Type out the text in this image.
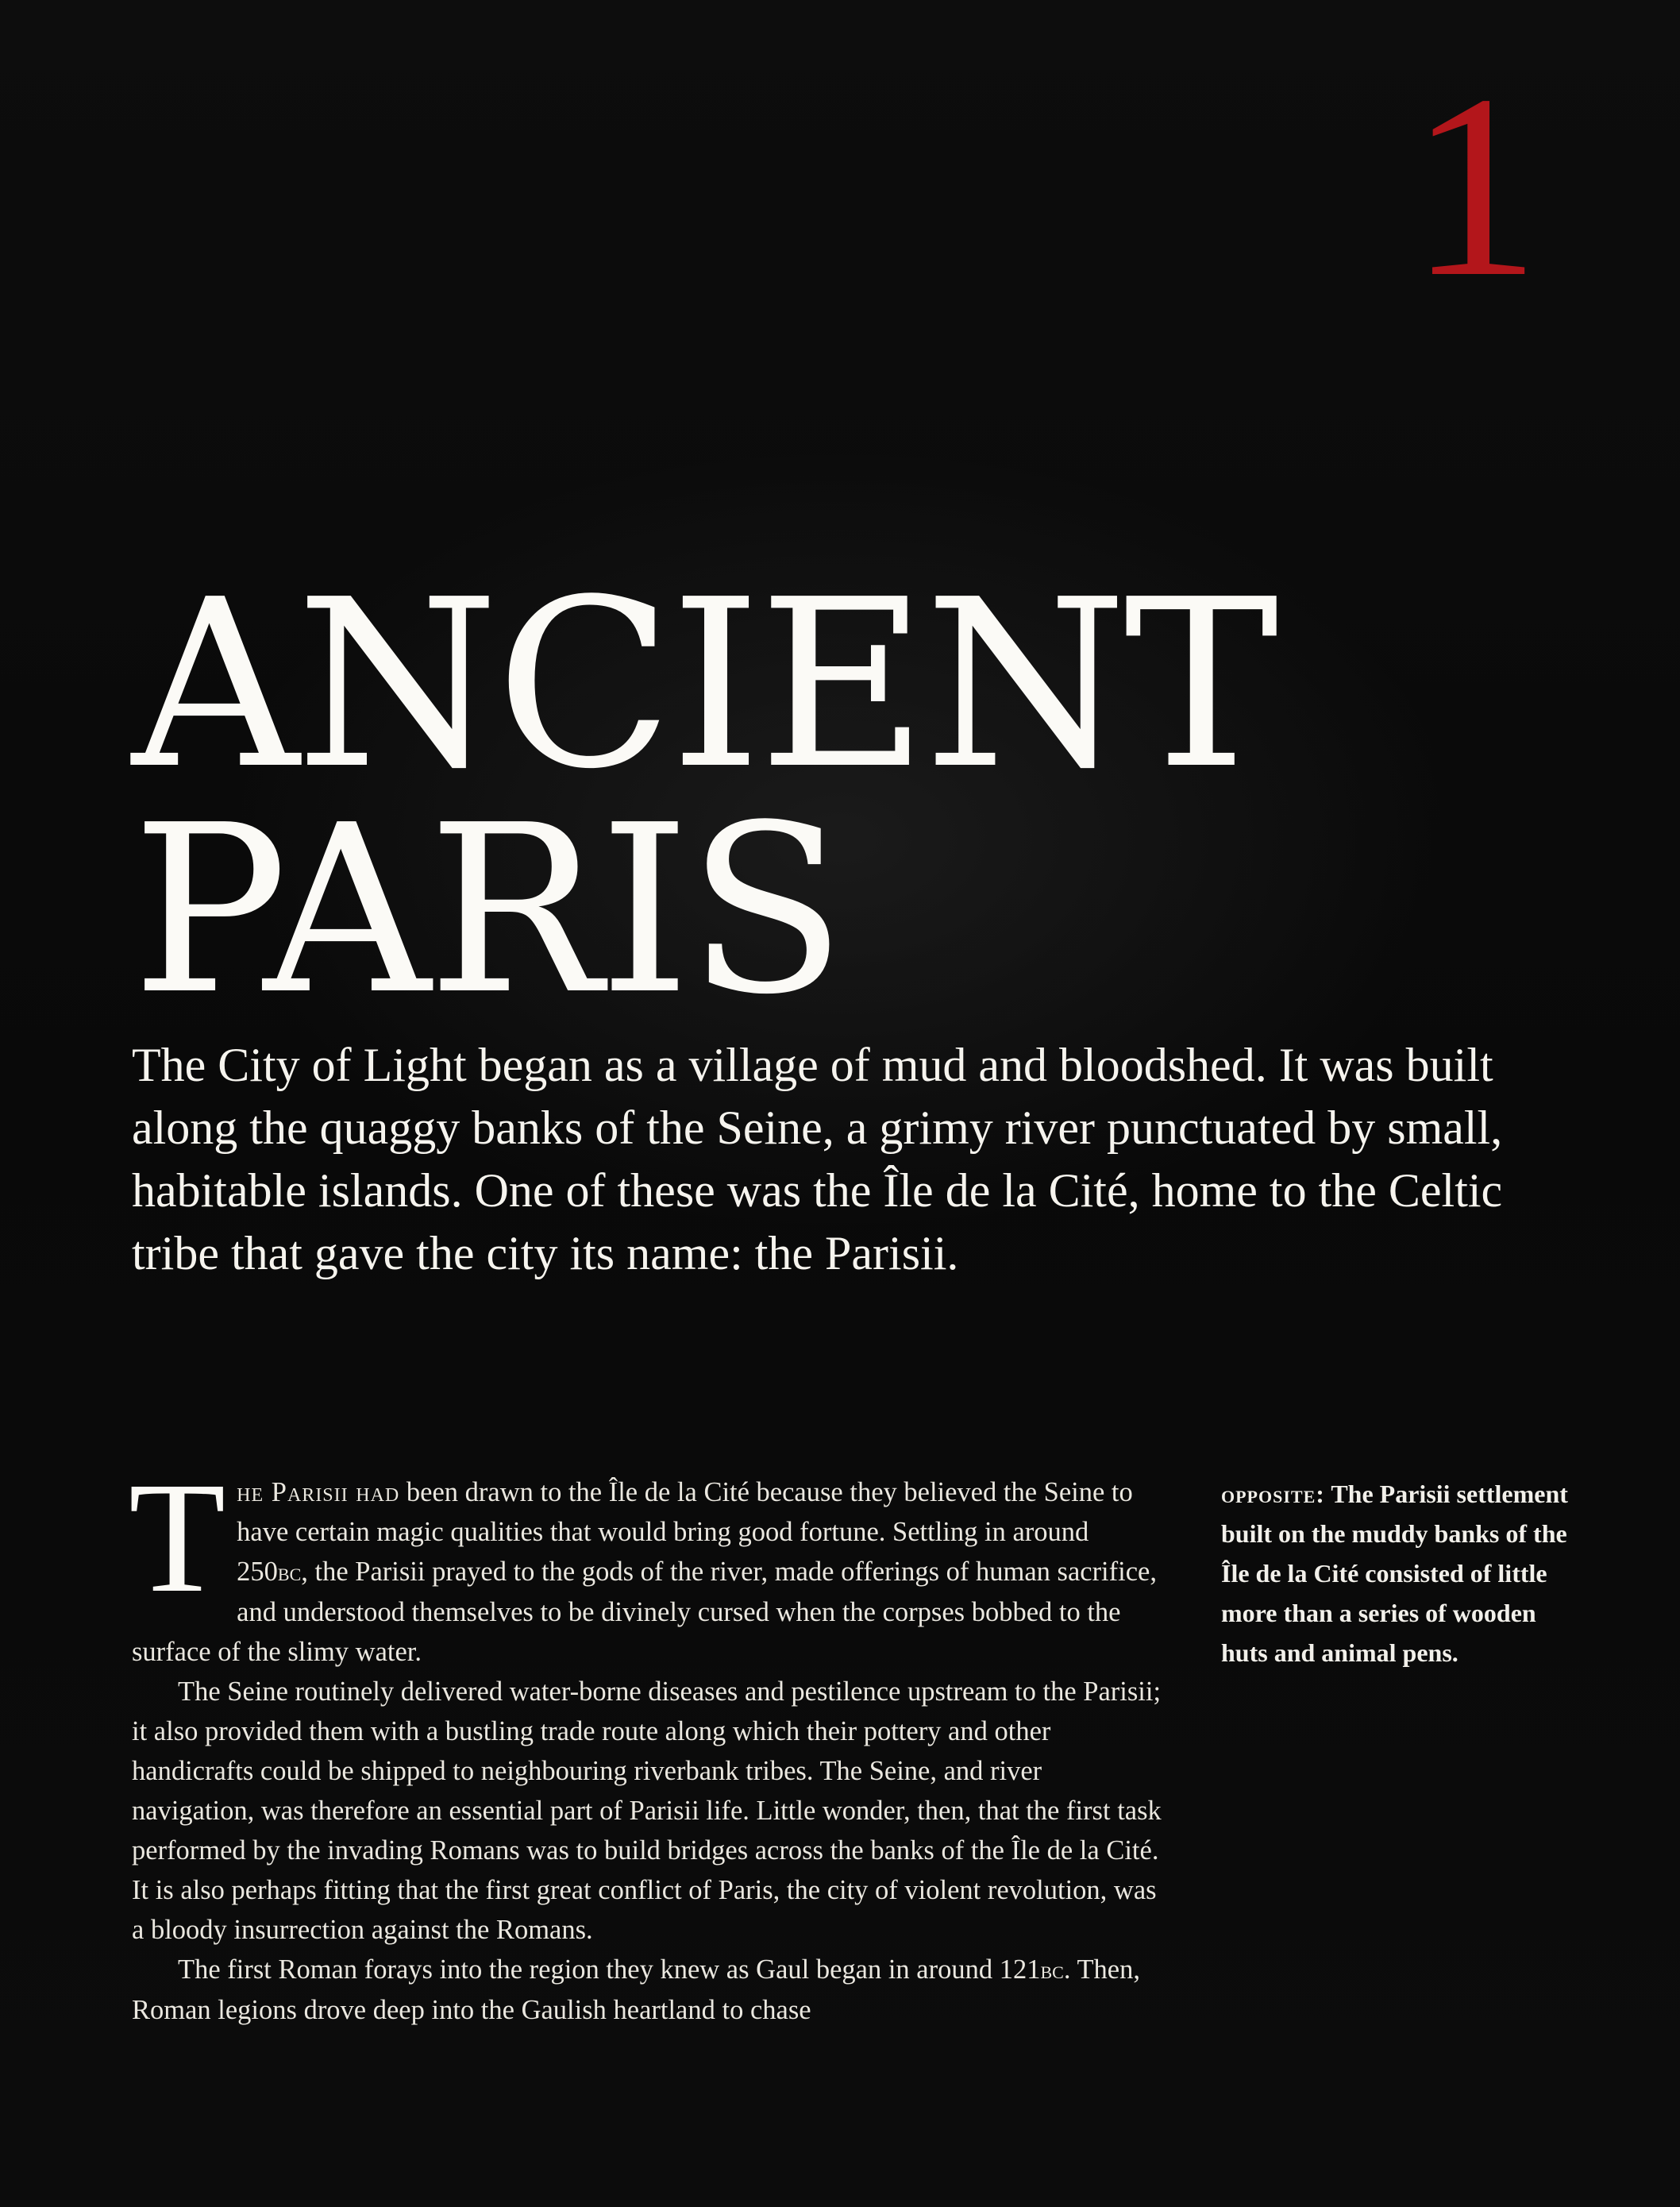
1
ANCIENT
PARIS

The City of Light began as a village of mud and bloodshed. It was built along the quaggy banks of the Seine, a grimy river punctuated by small, habitable islands. One of these was the Île de la Cité, home to the Celtic tribe that gave the city its name: the Parisii.

The Parisii had been drawn to the Île de la Cité because they believed the Seine to have certain magic qualities that would bring good fortune. Settling in around 250bc, the Parisii prayed to the gods of the river, made offerings of human sacrifice, and understood themselves to be divinely cursed when the corpses bobbed to the surface of the slimy water.

The Seine routinely delivered water-borne diseases and pestilence upstream to the Parisii; it also provided them with a bustling trade route along which their pottery and other handicrafts could be shipped to neighbouring riverbank tribes. The Seine, and river navigation, was therefore an essential part of Parisii life. Little wonder, then, that the first task performed by the invading Romans was to build bridges across the banks of the Île de la Cité. It is also perhaps fitting that the first great conflict of Paris, the city of violent revolution, was a bloody insurrection against the Romans.

The first Roman forays into the region they knew as Gaul began in around 121bc. Then, Roman legions drove deep into the Gaulish heartland to chase

opposite: The Parisii settlement built on the muddy banks of the Île de la Cité consisted of little more than a series of wooden huts and animal pens.
